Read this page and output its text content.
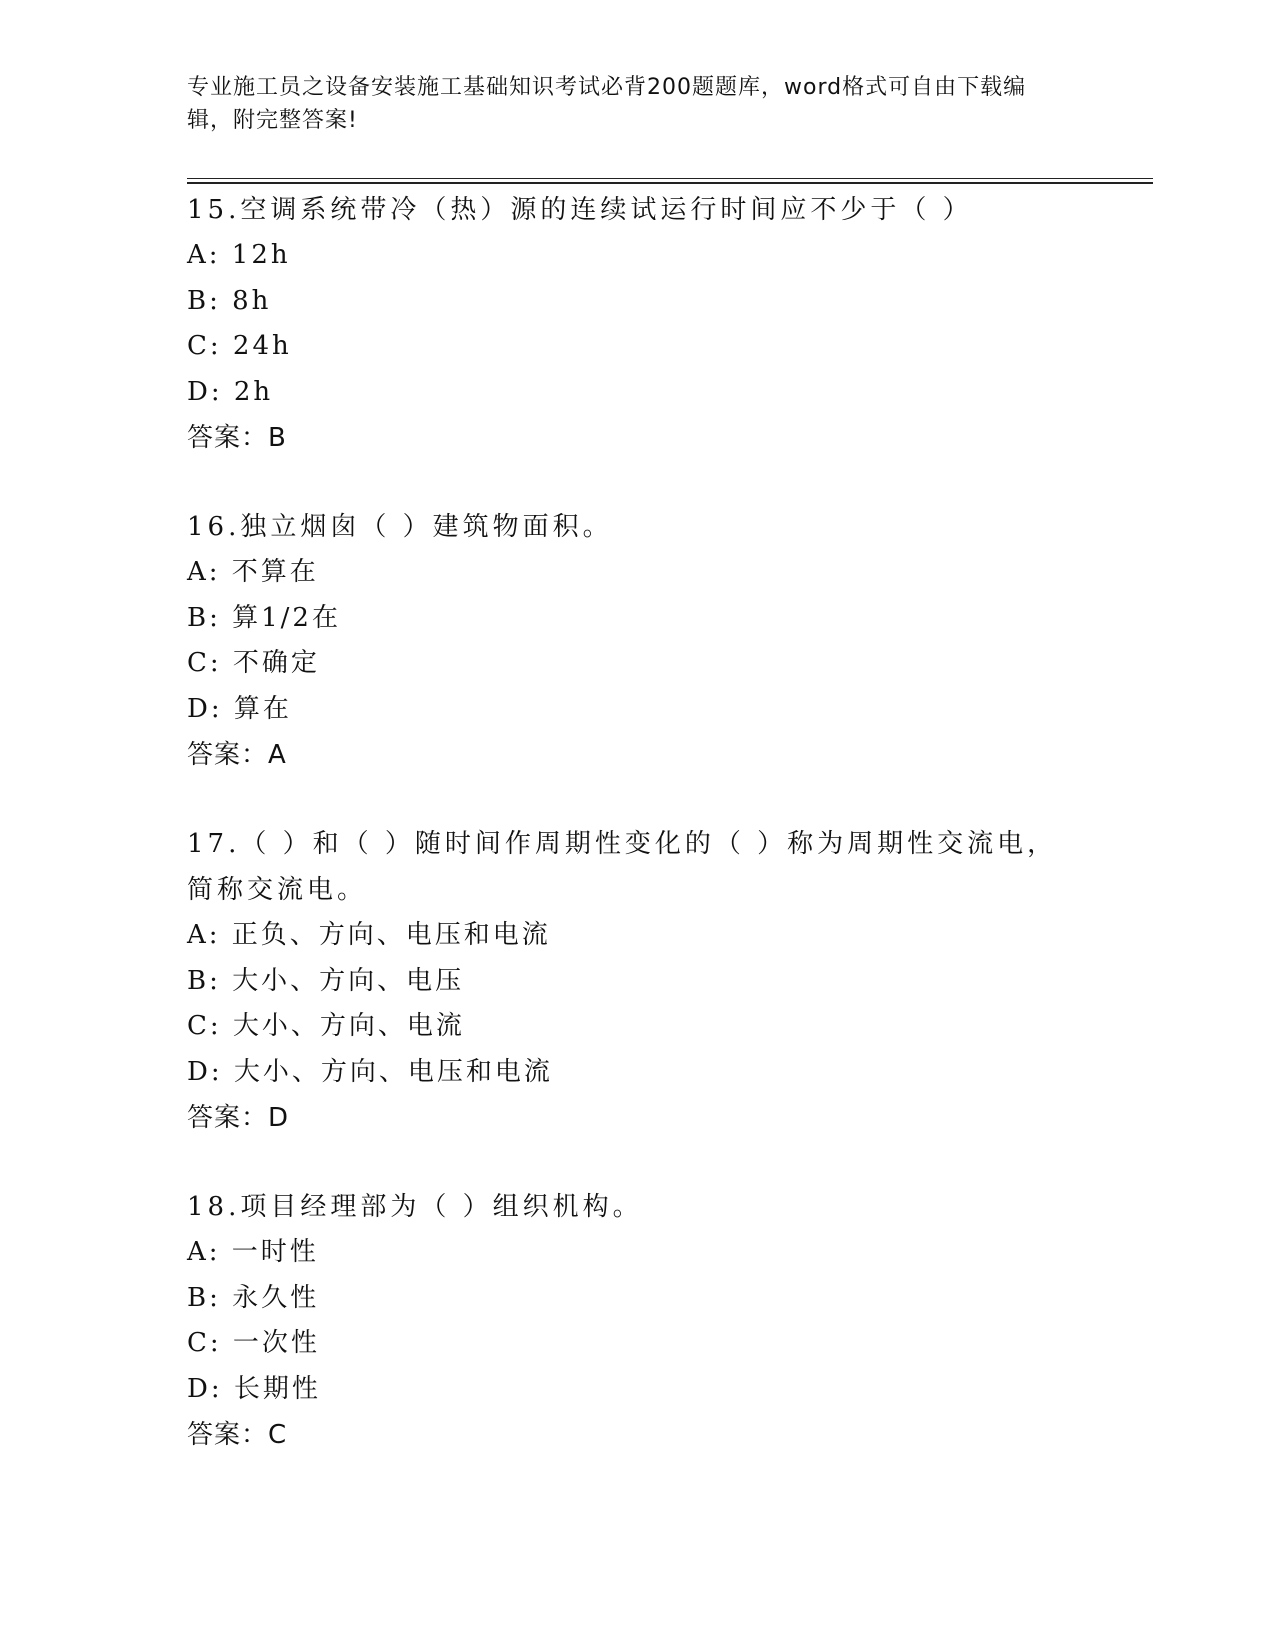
专业施工员之设备安装施工基础知识考试必背200题题库，word格式可自由下载编辑，附完整答案!

15.空调系统带冷（热）源的连续试运行时间应不少于（ ）

A: 12h

B: 8h

C: 24h

D: 2h

答案：B

16.独立烟囱（ ）建筑物面积。

A: 不算在

B: 算1/2在

C: 不确定

D: 算在

答案：A

17.（ ）和（ ）随时间作周期性变化的（ ）称为周期性交流电，简称交流电。

A: 正负、方向、电压和电流

B: 大小、方向、电压

C: 大小、方向、电流

D: 大小、方向、电压和电流

答案：D

18.项目经理部为（ ）组织机构。

A: 一时性

B: 永久性

C: 一次性

D: 长期性

答案：C
